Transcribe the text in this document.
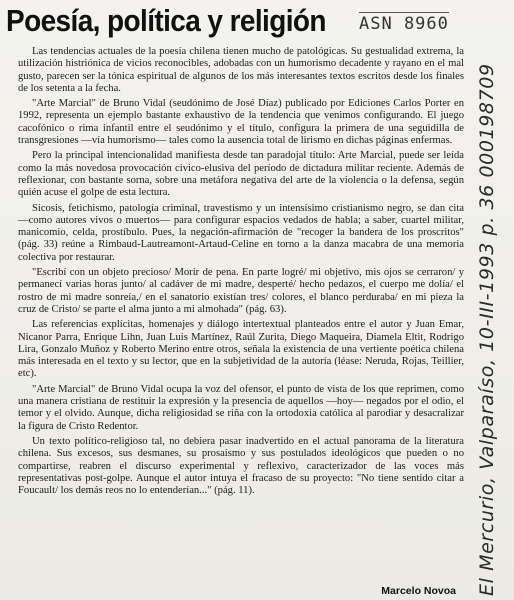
Poesía, política y religión ASN 8960

Las tendencias actuales de la poesía chilena tienen mucho de patológicas. Su gestualidad extrema, la utilización histriónica de vicios reconocibles, adobadas con un humorismo decadente y rayano en el mal gusto, parecen ser la tónica espiritual de algunos de los más interesantes textos escritos desde los finales de los setenta a la fecha.

"Arte Marcial" de Bruno Vidal (seudónimo de José Díaz) publicado por Ediciones Carlos Porter en 1992, representa un ejemplo bastante exhaustivo de la tendencia que venimos configurando. El juego cacofónico o rima infantil entre el seudónimo y el título, configura la primera de una seguidilla de transgresiones —vía humorismo— tales como la ausencia total de lirismo en dichas páginas enfermas.

Pero la principal intencionalidad manifiesta desde tan paradojal título: Arte Marcial, puede ser leída como la más novedosa provocación cívico-elusiva del período de dictadura militar reciente. Además de reflexionar, con bastante sorna, sobre una metáfora negativa del arte de la violencia o la defensa, según quién acuse el golpe de esta lectura.

Sicosis, fetichismo, patología criminal, travestismo y un intensísimo cristianismo negro, se dan cita —como autores vivos o muertos— para configurar espacios vedados de habla; a saber, cuartel militar, manicomio, celda, prostíbulo. Pues, la negación-afirmación de "recoger la bandera de los proscritos" (pág. 33) reúne a Rimbaud-Lautreamont-Artaud-Celine en torno a la danza macabra de una memoria colectiva por restaurar.

"Escribí con un objeto precioso/ Morir de pena. En parte logré/ mi objetivo, mis ojos se cerraron/ y permanecí varias horas junto/ al cadáver de mi madre, desperté/ hecho pedazos, el cuerpo me dolía/ el rostro de mi madre sonreía,/ en el sanatorio existían tres/ colores, el blanco perduraba/ en mi pieza la cruz de Cristo/ se parte el alma junto a mi almohada" (pág. 63).

Las referencias explícitas, homenajes y diálogo intertextual planteados entre el autor y Juan Emar, Nicanor Parra, Enrique Lihn, Juan Luis Martínez, Raúl Zurita, Diego Maqueira, Diamela Eltit, Rodrigo Lira, Gonzalo Muñoz y Roberto Merino entre otros, señala la existencia de una vertiente poética chilena más interesada en el texto y su lector, que en la subjetividad de la autoría (léase: Neruda, Rojas, Teillier, etc).

"Arte Marcial" de Bruno Vidal ocupa la voz del ofensor, el punto de vista de los que reprimen, como una manera cristiana de restituir la expresión y la presencia de aquellos —hoy— negados por el odio, el temor y el olvido. Aunque, dicha religiosidad se riña con la ortodoxia católica al parodiar y desacralizar la figura de Cristo Redentor.

Un texto político-religioso tal, no debiera pasar inadvertido en el actual panorama de la literatura chilena. Sus excesos, sus desmanes, su prosaísmo y sus postulados ideológicos que pueden o no compartirse, reabren el discurso experimental y reflexivo, caracterizador de las voces más representativas post-golpe. Aunque el autor intuya el fracaso de su proyecto: "No tiene sentido citar a Foucault/ los demás reos no lo entenderían..." (pág. 11).

Marcelo Novoa El Mercurio, Valparaíso, 10-III-1993 p. 36 000198709
